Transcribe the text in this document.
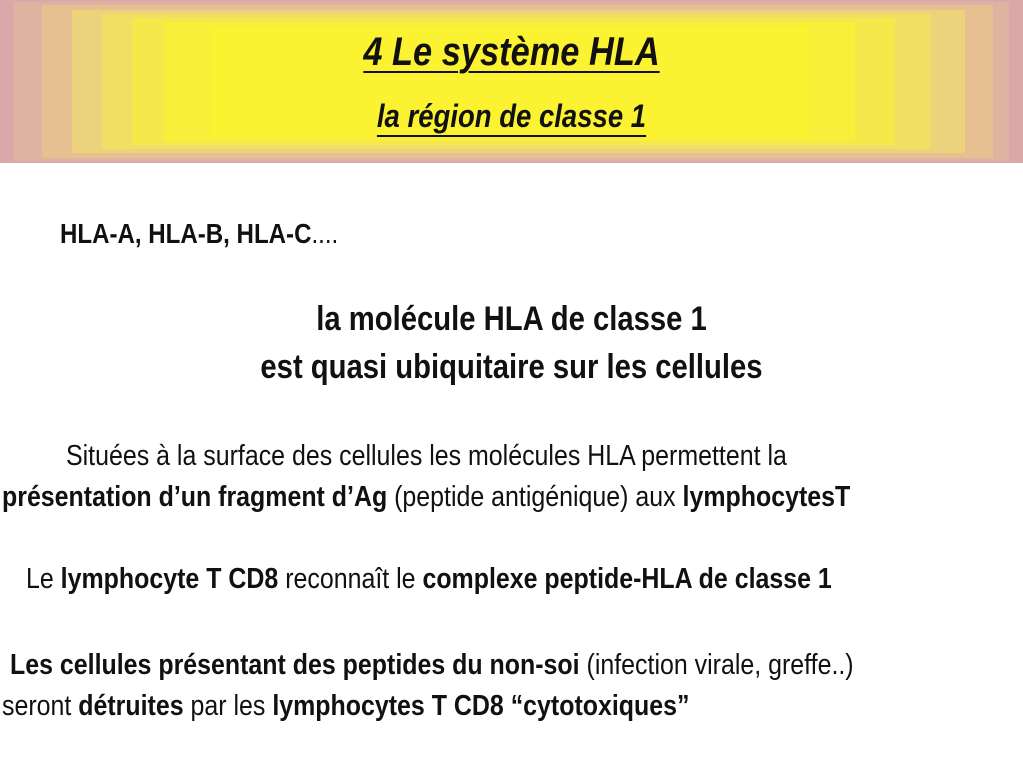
4 Le système HLA
la région de classe 1
HLA-A, HLA-B, HLA-C....
la molécule HLA de classe 1
est quasi ubiquitaire sur les cellules
Situées à la surface des cellules les molécules HLA permettent la
présentation d’un fragment d’Ag (peptide antigénique) aux lymphocytesT
Le lymphocyte T CD8 reconnaît le complexe peptide-HLA de classe 1
Les cellules présentant des peptides du non-soi (infection virale, greffe..)
seront détruites par les lymphocytes T CD8 “cytotoxiques”
